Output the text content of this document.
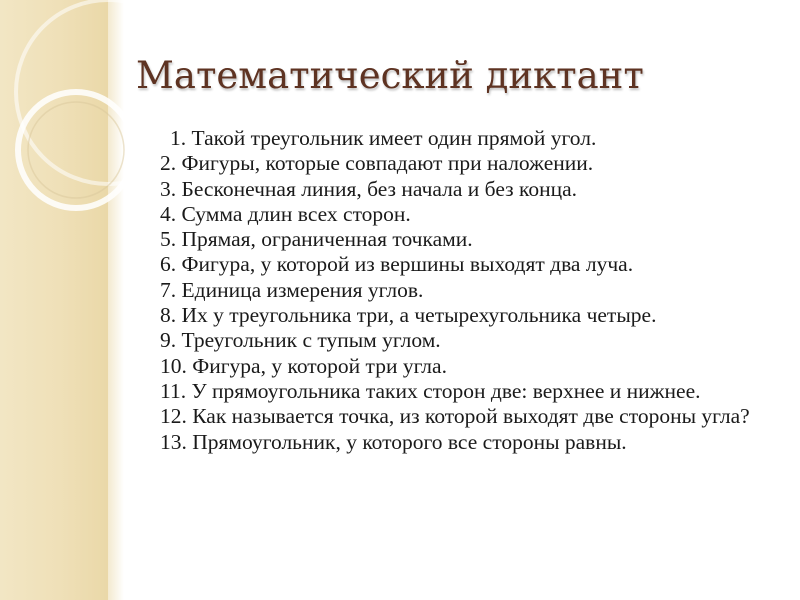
Математический диктант
1. Такой треугольник имеет один прямой угол.
2. Фигуры, которые совпадают при наложении.
3. Бесконечная линия, без начала и без конца.
4. Сумма длин всех сторон.
5. Прямая, ограниченная точками.
6. Фигура, у которой из вершины выходят два луча.
7. Единица измерения углов.
8. Их у треугольника три, а четырехугольника четыре.
9. Треугольник с тупым углом.
10. Фигура, у которой три угла.
11. У прямоугольника таких сторон две: верхнее и нижнее.
12. Как называется точка, из которой выходят две стороны угла?
13. Прямоугольник, у которого все стороны равны.
